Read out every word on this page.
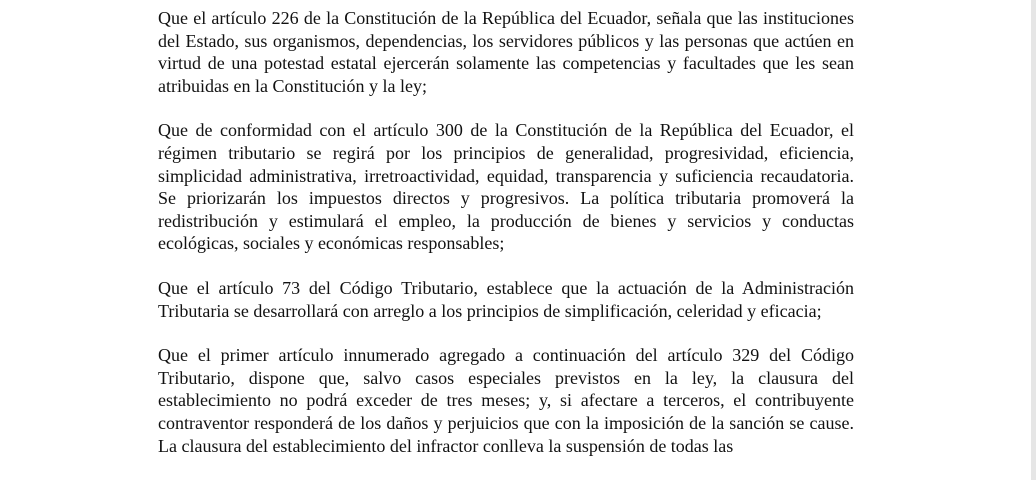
Que el artículo 226 de la Constitución de la República del Ecuador, señala que las instituciones del Estado, sus organismos, dependencias, los servidores públicos y las personas que actúen en virtud de una potestad estatal ejercerán solamente las competencias y facultades que les sean atribuidas en la Constitución y la ley;

Que de conformidad con el artículo 300 de la Constitución de la República del Ecuador, el régimen tributario se regirá por los principios de generalidad, progresividad, eficiencia, simplicidad administrativa, irretroactividad, equidad, transparencia y suficiencia recaudatoria. Se priorizarán los impuestos directos y progresivos. La política tributaria promoverá la redistribución y estimulará el empleo, la producción de bienes y servicios y conductas ecológicas, sociales y económicas responsables;

Que el artículo 73 del Código Tributario, establece que la actuación de la Administración Tributaria se desarrollará con arreglo a los principios de simplificación, celeridad y eficacia;

Que el primer artículo innumerado agregado a continuación del artículo 329 del Código Tributario, dispone que, salvo casos especiales previstos en la ley, la clausura del establecimiento no podrá exceder de tres meses; y, si afectare a terceros, el contribuyente contraventor responderá de los daños y perjuicios que con la imposición de la sanción se cause. La clausura del establecimiento del infractor conlleva la suspensión de todas las
